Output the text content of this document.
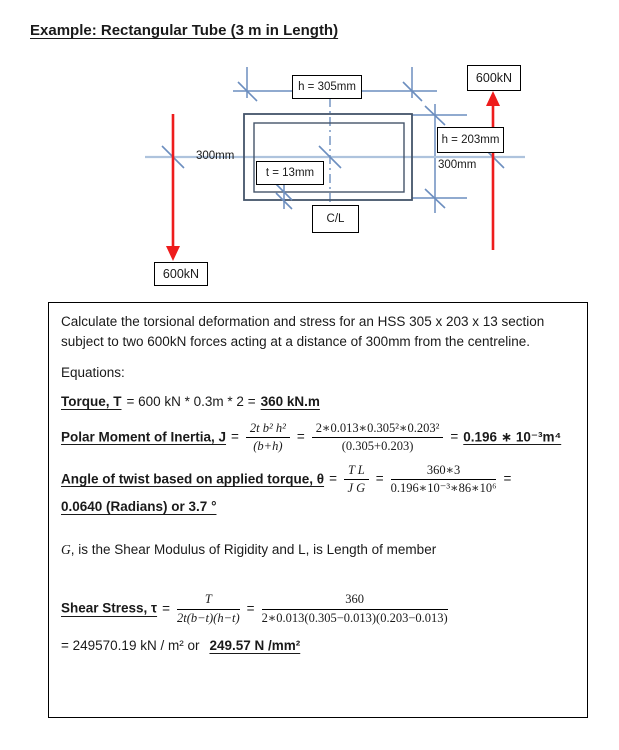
Example: Rectangular Tube (3 m in Length)
h = 305mm
600kN
h = 203mm
t = 13mm
C/L
600kN
300mm
300mm

Calculate the torsional deformation and stress for an HSS 305 x 203 x 13 section
subject to two 600kN forces acting at a distance of 300mm from the centreline.

Equations:

Torque, T = 600 kN * 0.3m * 2 = 360 kN.m

Polar Moment of Inertia, $J = \frac{\text{2t b² h²}}{(b+h)} = \frac{\text{2∗0.013∗0.305²∗0.203²}}{(0.305+0.203)} = 0.196$ ∗ 10⁻³m⁴

Angle of twist based on applied torque, $\theta = \frac{\text{T L}}{\text{J G}} = \frac{360∗3}{\text{0.196∗10⁻³∗86∗10⁶}}$ =

0.0640 (Radians) or 3.7 °

G, is the Shear Modulus of Rigidity and L, is Length of member

Shear Stress, $\tau = \frac{T}{2t(b-t)(h-t)} = \frac{360}{2∗0.013(0.305-0.013)(0.203-0.013)}$

= 249570.19 kN / m² or 249.57 N /mm²
